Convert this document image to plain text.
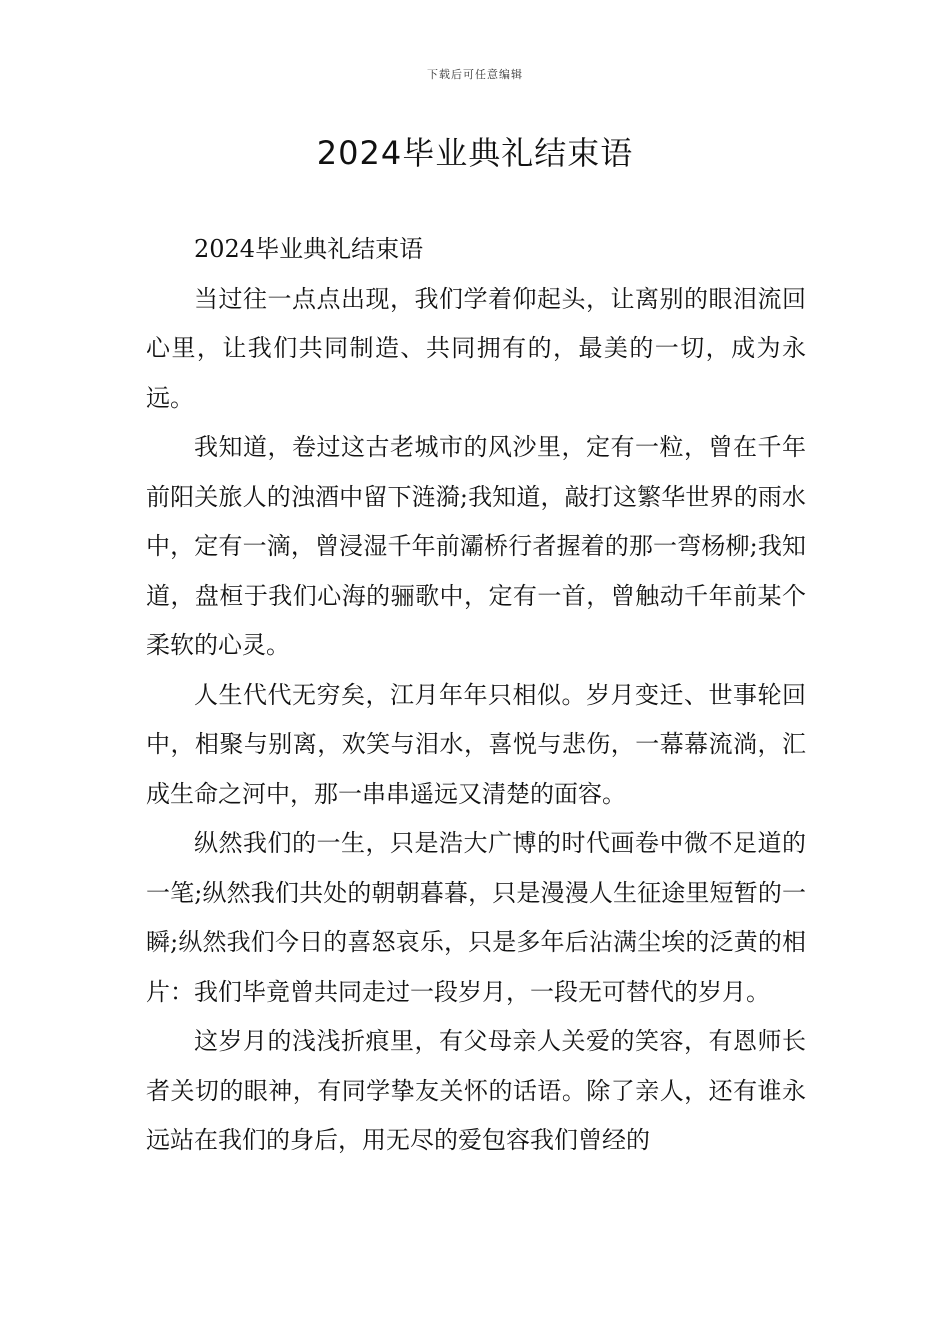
下载后可任意编辑
2024毕业典礼结束语

2024毕业典礼结束语

当过往一点点出现，我们学着仰起头，让离别的眼泪流回心里，让我们共同制造、共同拥有的，最美的一切，成为永远。

我知道，卷过这古老城市的风沙里，定有一粒，曾在千年前阳关旅人的浊酒中留下涟漪;我知道，敲打这繁华世界的雨水中，定有一滴，曾浸湿千年前灞桥行者握着的那一弯杨柳;我知道，盘桓于我们心海的骊歌中，定有一首，曾触动千年前某个柔软的心灵。

人生代代无穷矣，江月年年只相似。岁月变迁、世事轮回中，相聚与别离，欢笑与泪水，喜悦与悲伤，一幕幕流淌，汇成生命之河中，那一串串遥远又清楚的面容。

纵然我们的一生，只是浩大广博的时代画卷中微不足道的一笔;纵然我们共处的朝朝暮暮，只是漫漫人生征途里短暂的一瞬;纵然我们今日的喜怒哀乐，只是多年后沾满尘埃的泛黄的相片：我们毕竟曾共同走过一段岁月，一段无可替代的岁月。

这岁月的浅浅折痕里，有父母亲人关爱的笑容，有恩师长者关切的眼神，有同学挚友关怀的话语。除了亲人，还有谁永远站在我们的身后，用无尽的爱包容我们曾经的
